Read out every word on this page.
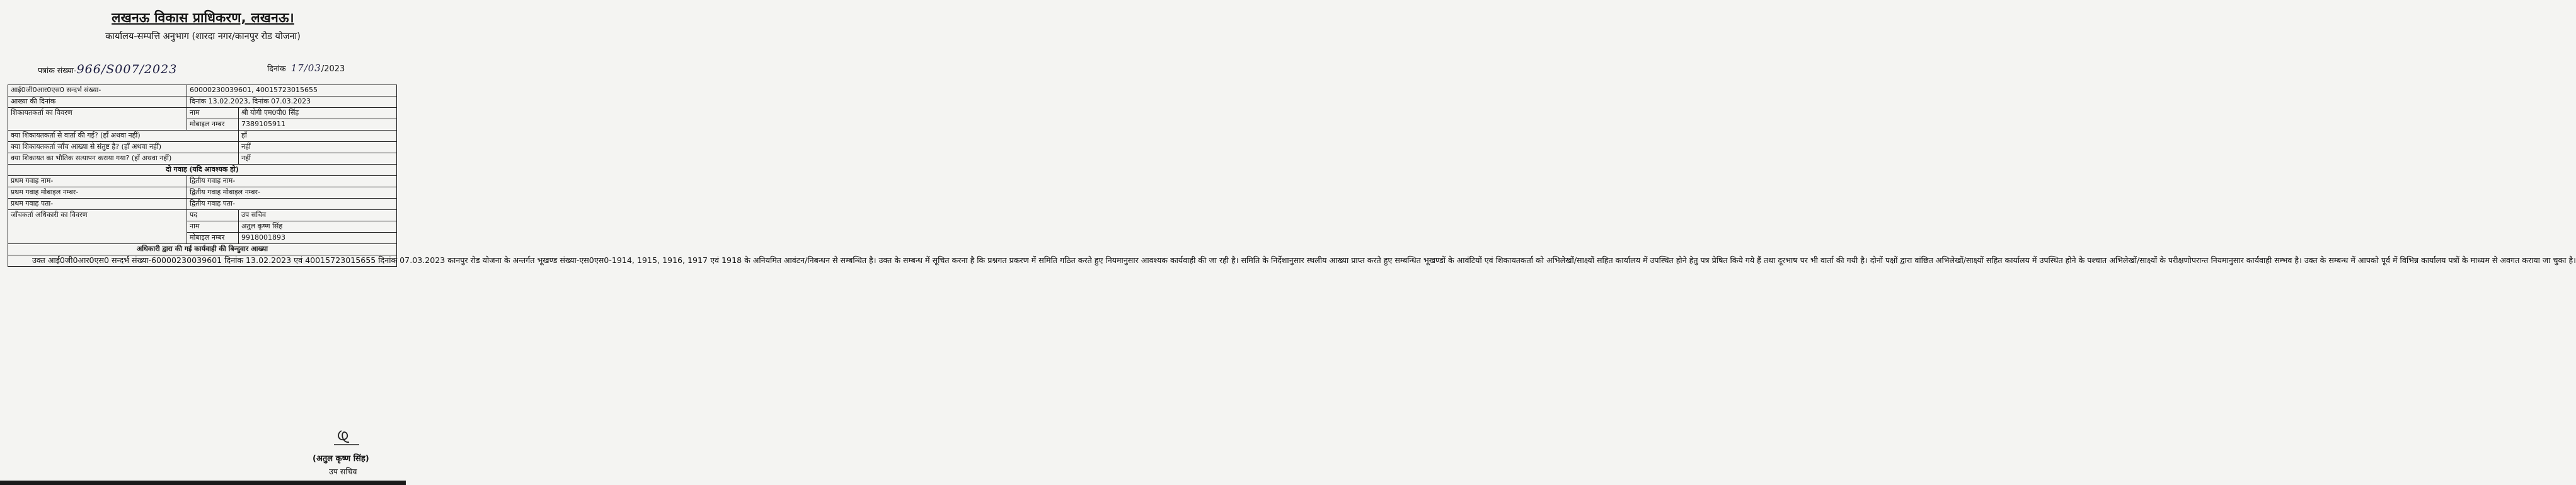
लखनऊ विकास प्राधिकरण, लखनऊ।
कार्यालय-सम्पत्ति अनुभाग (शारदा नगर/कानपुर रोड योजना)
पत्रांक संख्या-966/S007/2023	दिनांक 17/03/2023
आई0जी0आर0एस0 सन्दर्भ संख्या-	60000230039601, 40015723015655	
आख्या की दिनांक	दिनांक 13.02.2023, दिनांक 07.03.2023	
शिकायतकर्ता का विवरण	नाम	श्री योगी एम0पी0 सिंह
	मोबाइल नम्बर	7389105911
क्या शिकायतकर्ता से वार्ता की गई? (हाँ अथवा नहीं)		हाँ
क्या शिकायतकर्ता जाँच आख्या से संतुष्ट है? (हाँ अथवा नहीं)		नहीं
क्या शिकायत का भौतिक सत्यापन कराया गया? (हाँ अथवा नहीं)		नहीं
दो गवाह (यदि आवश्यक हो)		
प्रथम गवाह नाम-	द्वितीय गवाह नाम-	
प्रथम गवाह मोबाइल नम्बर-	द्वितीय गवाह मोबाइल नम्बर-	
प्रथम गवाह पता-	द्वितीय गवाह पता-	
जाँचकर्ता अधिकारी का विवरण	पद	उप सचिव
	नाम	अतुल कृष्ण सिंह
	मोबाइल नम्बर	9918001893
अधिकारी द्वारा की गई कार्यवाही की बिन्दुवार आख्या		
उक्त आई0जी0आर0एस0 सन्दर्भ संख्या-60000230039601 दिनांक 13.02.2023 एवं 40015723015655 दिनांक 07.03.2023 कानपुर रोड योजना के अन्तर्गत भूखण्ड संख्या-एस0एस0-1914, 1915, 1916, 1917 एवं 1918 के अनियमित आवंटन/निबन्धन से सम्बन्धित है। उक्त के सम्बन्ध में सूचित करना है कि प्रश्नगत प्रकरण में समिति गठित करते हुए नियमानुसार आवश्यक कार्यवाही की जा रही है। समिति के निर्देशानुसार स्थलीय आख्या प्राप्त करते हुए सम्बन्धित भूखण्डों के आवंटियों एवं शिकायतकर्ता को अभिलेखों/साक्ष्यों सहित कार्यालय में उपस्थित होने हेतु पत्र प्रेषित किये गये हैं तथा दूरभाष पर भी वार्ता की गयी है। दोनों पक्षों द्वारा वांछित अभिलेखों/साक्ष्यों सहित कार्यालय में उपस्थित होने के पश्चात अभिलेखों/साक्ष्यों के परीक्षणोपरान्त नियमानुसार कार्यवाही सम्भव है। उक्त के सम्बन्ध में आपको पूर्व में विभिन्न कार्यालय पत्रों के माध्यम से अवगत कराया जा चुका है।		
(अतुल कृष्ण सिंह)
उप सचिव
